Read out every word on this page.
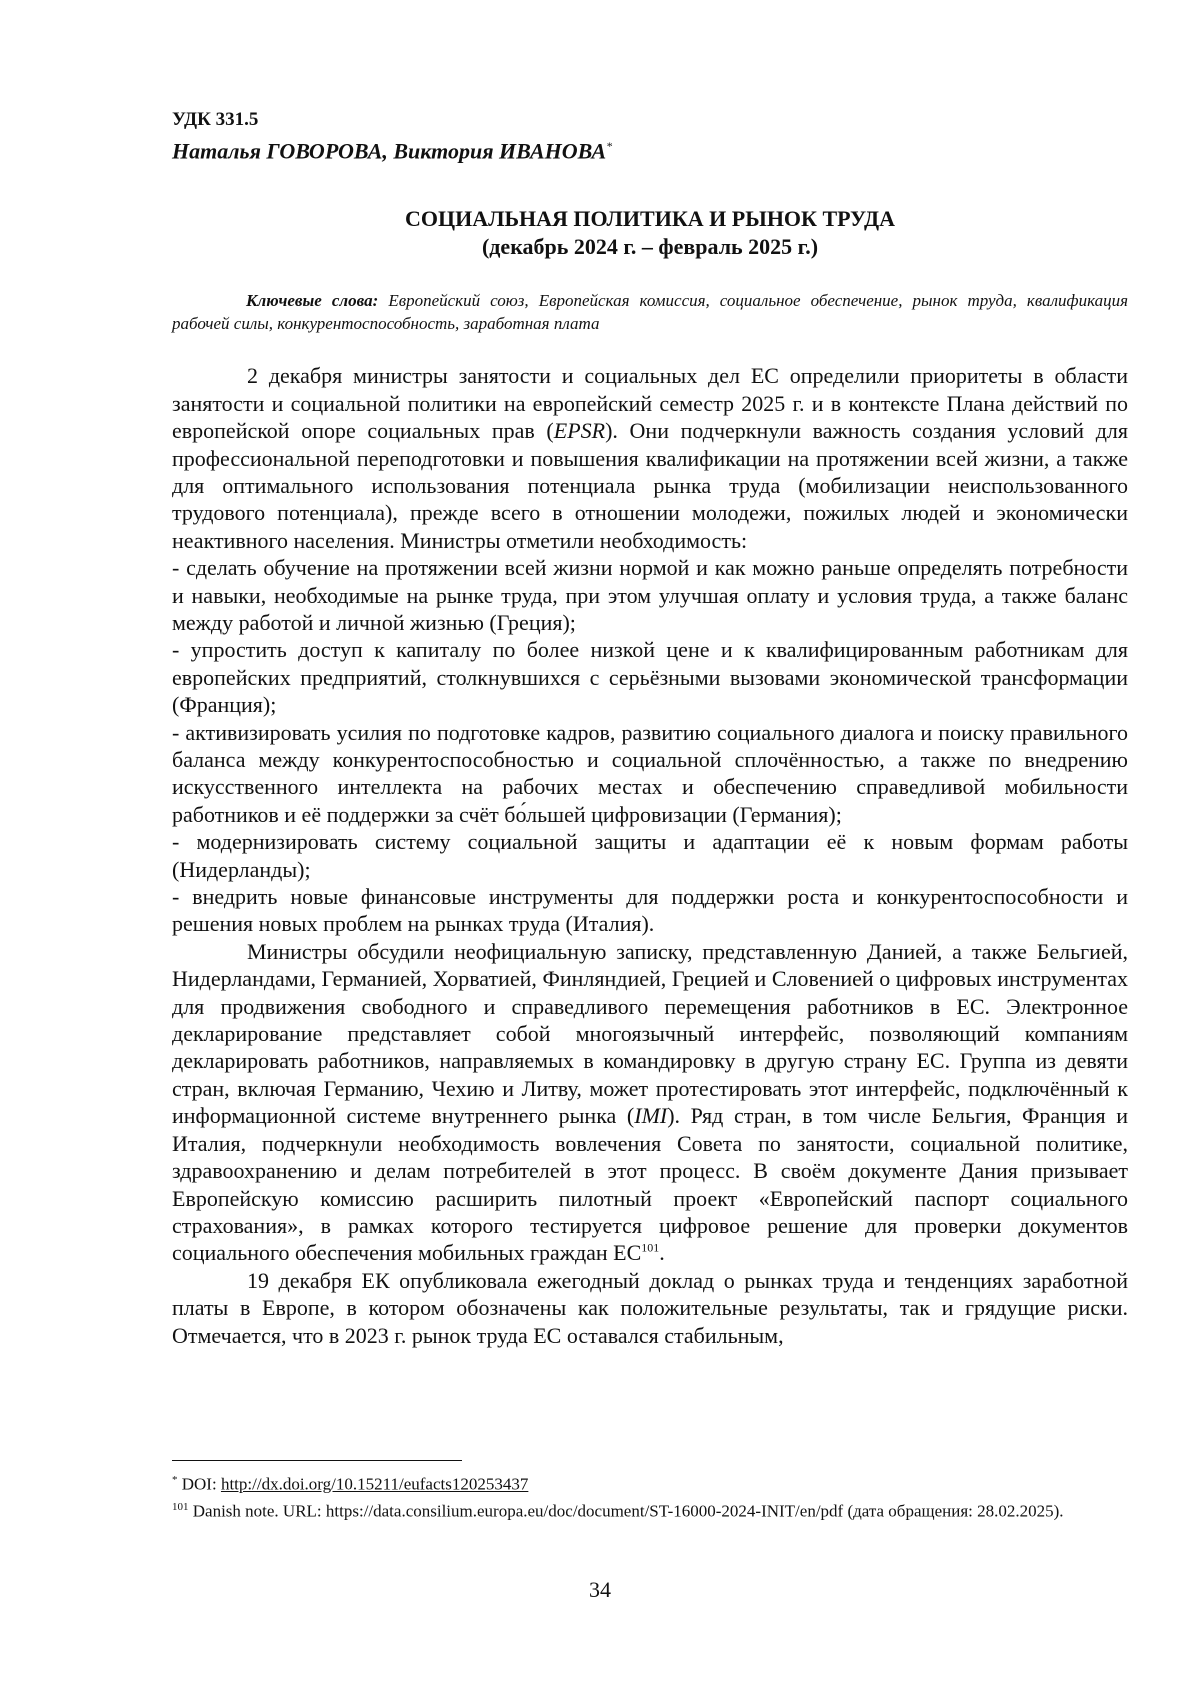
УДК 331.5

Наталья ГОВОРОВА, Виктория ИВАНОВА*

СОЦИАЛЬНАЯ ПОЛИТИКА И РЫНОК ТРУДА
(декабрь 2024 г. – февраль 2025 г.)

Ключевые слова: Европейский союз, Европейская комиссия, социальное обеспечение, рынок труда, квалификация рабочей силы, конкурентоспособность, заработная плата

2 декабря министры занятости и социальных дел ЕС определили приоритеты в области занятости и социальной политики на европейский семестр 2025 г. и в контексте Плана действий по европейской опоре социальных прав (EPSR). Они подчеркнули важность создания условий для профессиональной переподготовки и повышения квалификации на протяжении всей жизни, а также для оптимального использования потенциала рынка труда (мобилизации неиспользованного трудового потенциала), прежде всего в отношении молодежи, пожилых людей и экономически неактивного населения. Министры отметили необходимость:

- сделать обучение на протяжении всей жизни нормой и как можно раньше определять потребности и навыки, необходимые на рынке труда, при этом улучшая оплату и условия труда, а также баланс между работой и личной жизнью (Греция);

- упростить доступ к капиталу по более низкой цене и к квалифицированным работникам для европейских предприятий, столкнувшихся с серьёзными вызовами экономической трансформации (Франция);

- активизировать усилия по подготовке кадров, развитию социального диалога и поиску правильного баланса между конкурентоспособностью и социальной сплочённостью, а также по внедрению искусственного интеллекта на рабочих местах и обеспечению справедливой мобильности работников и её поддержки за счёт бо́льшей цифровизации (Германия);

- модернизировать систему социальной защиты и адаптации её к новым формам работы (Нидерланды);

- внедрить новые финансовые инструменты для поддержки роста и конкурентоспособности и решения новых проблем на рынках труда (Италия).

Министры обсудили неофициальную записку, представленную Данией, а также Бельгией, Нидерландами, Германией, Хорватией, Финляндией, Грецией и Словенией о цифровых инструментах для продвижения свободного и справедливого перемещения работников в ЕС. Электронное декларирование представляет собой многоязычный интерфейс, позволяющий компаниям декларировать работников, направляемых в командировку в другую страну ЕС. Группа из девяти стран, включая Германию, Чехию и Литву, может протестировать этот интерфейс, подключённый к информационной системе внутреннего рынка (IMI). Ряд стран, в том числе Бельгия, Франция и Италия, подчеркнули необходимость вовлечения Совета по занятости, социальной политике, здравоохранению и делам потребителей в этот процесс. В своём документе Дания призывает Европейскую комиссию расширить пилотный проект «Европейский паспорт социального страхования», в рамках которого тестируется цифровое решение для проверки документов социального обеспечения мобильных граждан ЕС$^{101}$.

19 декабря ЕК опубликовала ежегодный доклад о рынках труда и тенденциях заработной платы в Европе, в котором обозначены как положительные результаты, так и грядущие риски. Отмечается, что в 2023 г. рынок труда ЕС оставался стабильным,

* DOI: http://dx.doi.org/10.15211/eufacts120253437

$^{101}$ Danish note. URL: https://data.consilium.europa.eu/doc/document/ST-16000-2024-INIT/en/pdf (дата обращения: 28.02.2025).

34
